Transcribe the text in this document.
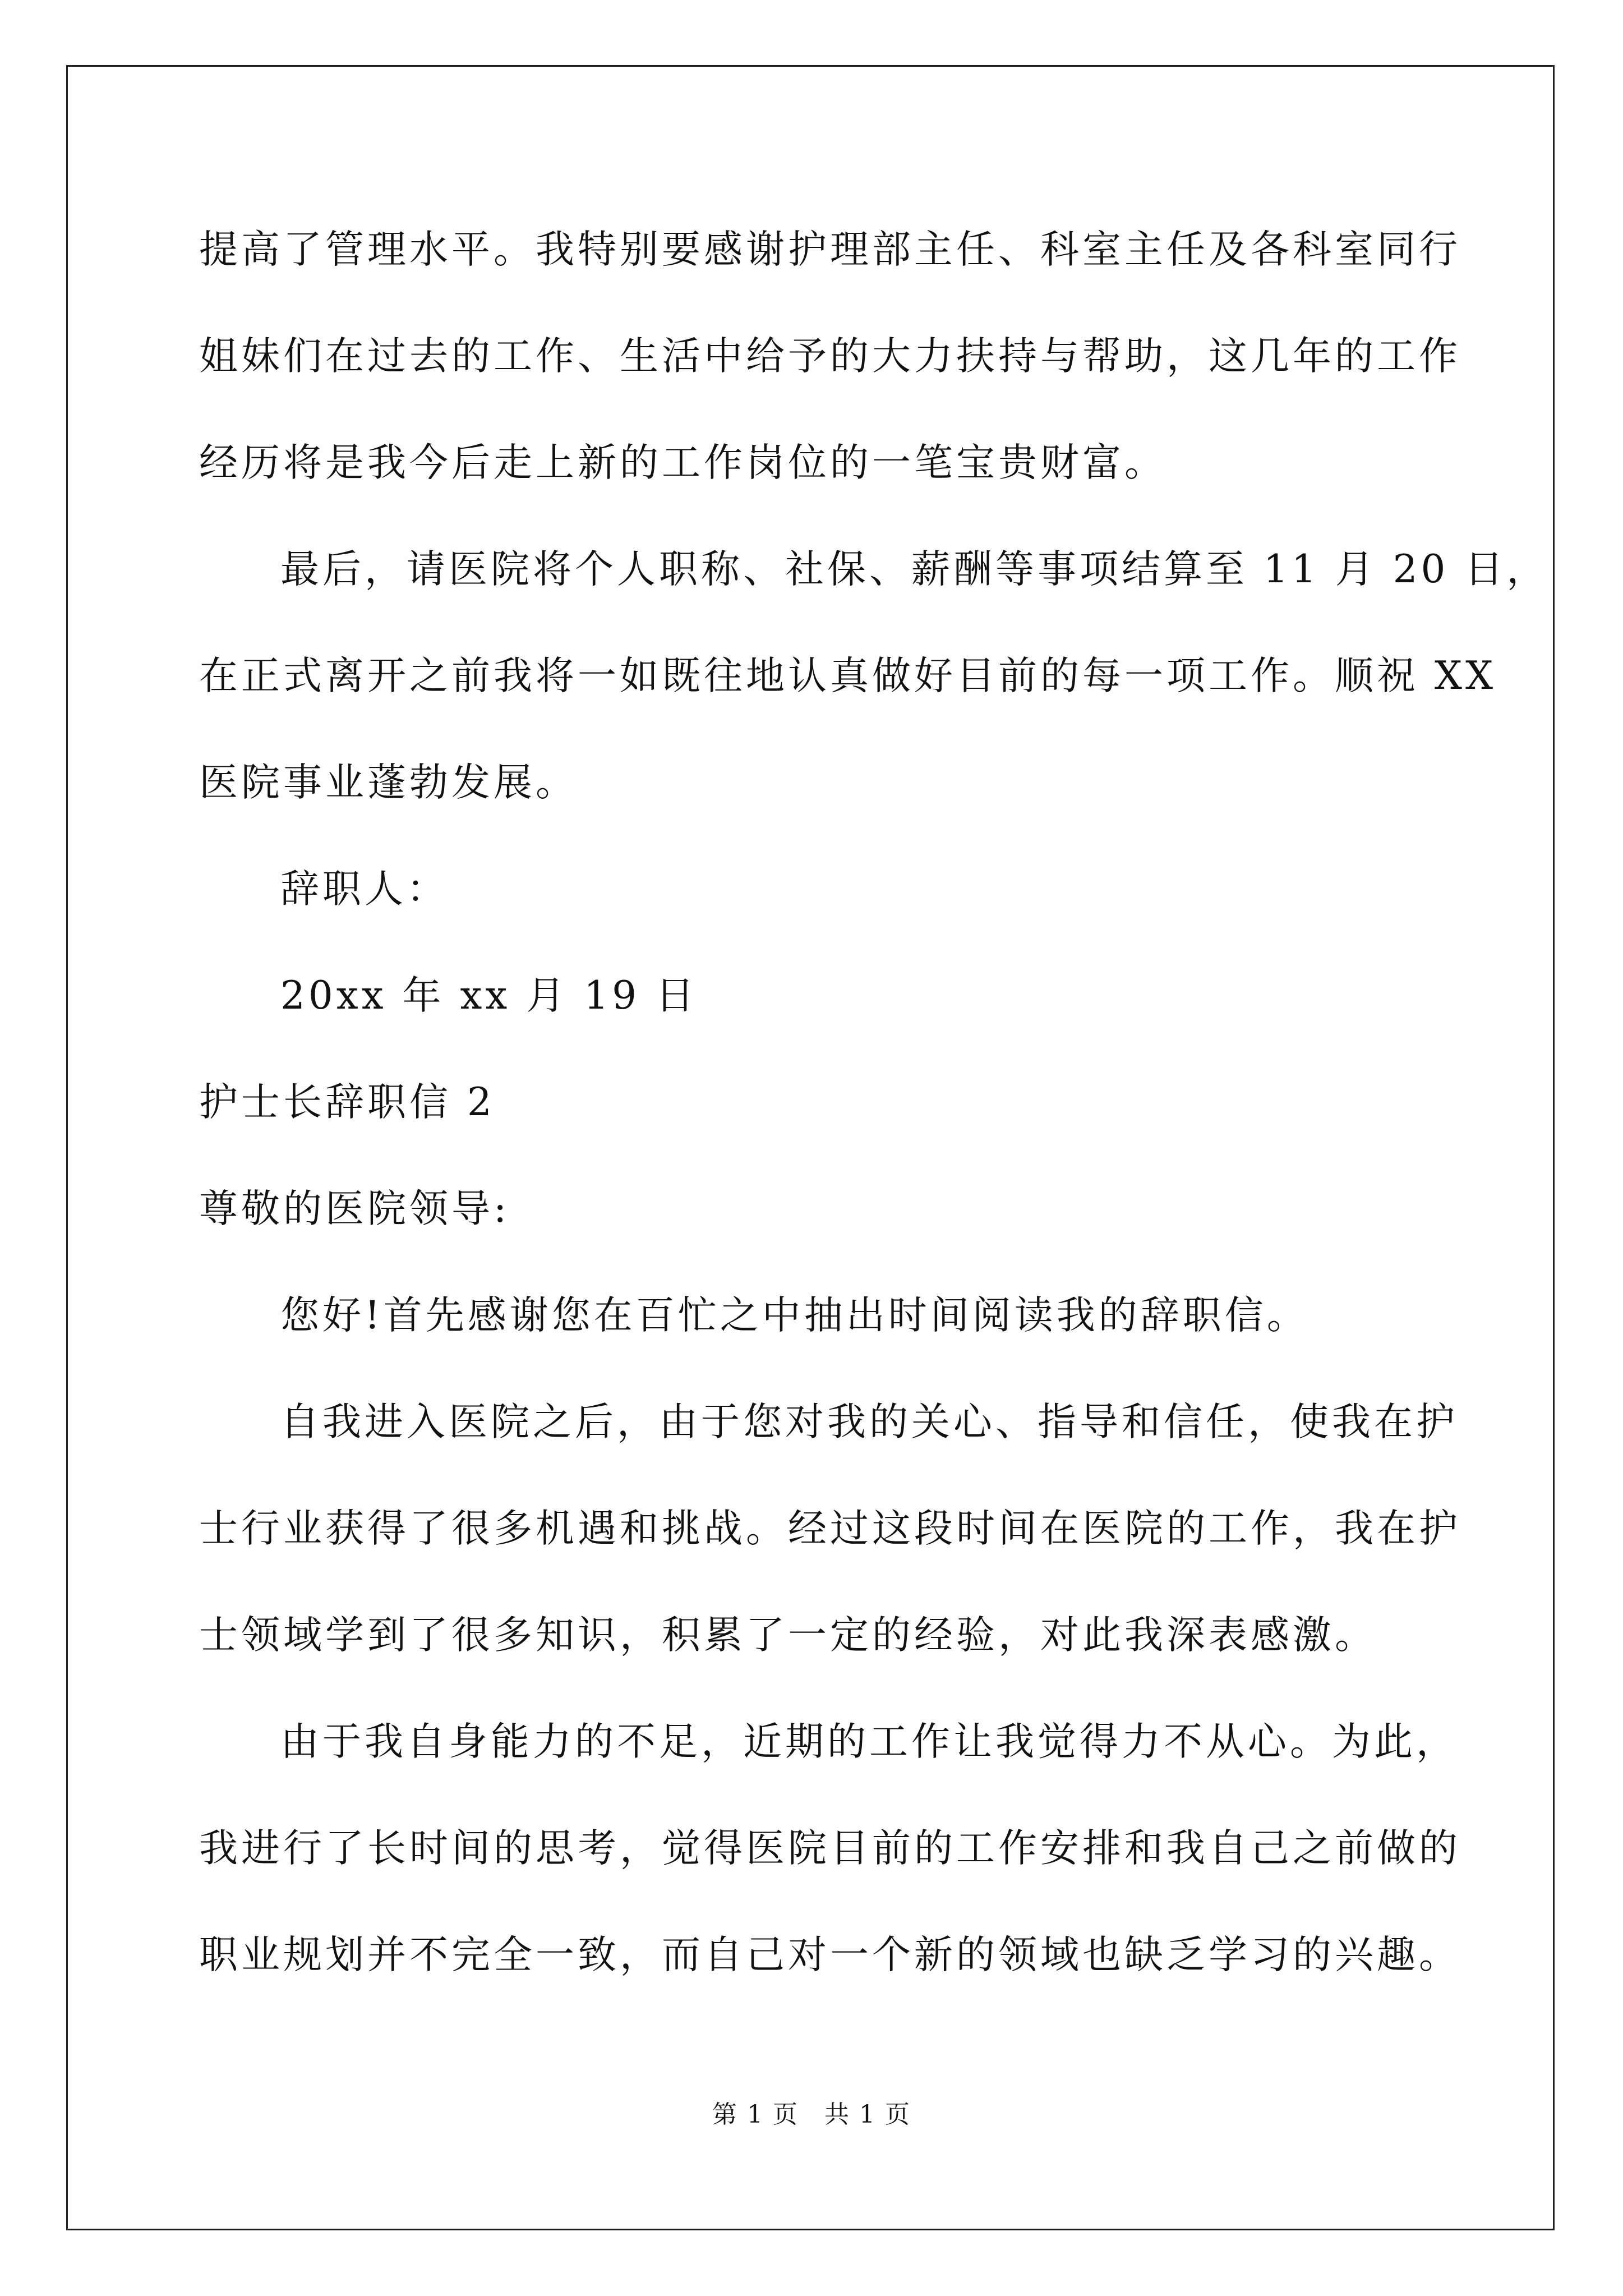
提高了管理水平。我特别要感谢护理部主任、科室主任及各科室同行
姐妹们在过去的工作、生活中给予的大力扶持与帮助，这几年的工作
经历将是我今后走上新的工作岗位的一笔宝贵财富。
最后，请医院将个人职称、社保、薪酬等事项结算至 11 月 20 日，
在正式离开之前我将一如既往地认真做好目前的每一项工作。顺祝 XX
医院事业蓬勃发展。
辞职人：
20xx 年 xx 月 19 日
护士长辞职信 2
尊敬的医院领导:
您好!首先感谢您在百忙之中抽出时间阅读我的辞职信。
自我进入医院之后，由于您对我的关心、指导和信任，使我在护
士行业获得了很多机遇和挑战。经过这段时间在医院的工作，我在护
士领域学到了很多知识，积累了一定的经验，对此我深表感激。
由于我自身能力的不足，近期的工作让我觉得力不从心。为此，
我进行了长时间的思考，觉得医院目前的工作安排和我自己之前做的
职业规划并不完全一致，而自己对一个新的领域也缺乏学习的兴趣。
第 1 页　共 1 页
